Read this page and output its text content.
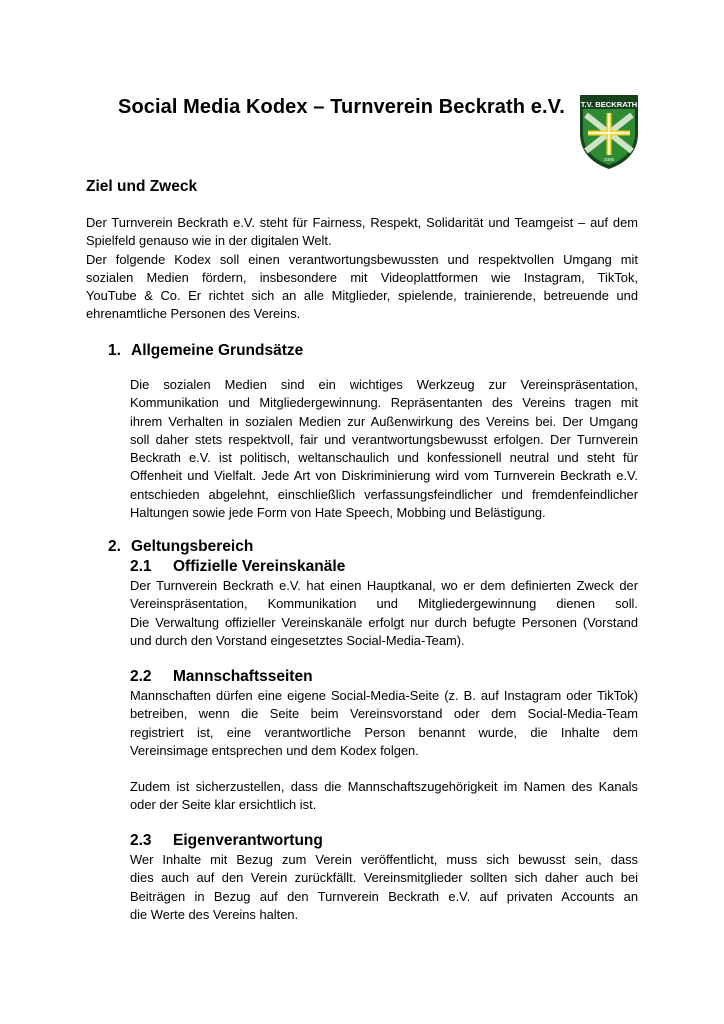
Social Media Kodex – Turnverein Beckrath e.V. T.V. BECKRATH
2005
Ziel und Zweck
Der Turnverein Beckrath e.V. steht für Fairness, Respekt, Solidarität und Teamgeist – auf dem
Spielfeld genauso wie in der digitalen Welt.
Der folgende Kodex soll einen verantwortungsbewussten und respektvollen Umgang mit
sozialen Medien fördern, insbesondere mit Videoplattformen wie Instagram, TikTok,
YouTube & Co. Er richtet sich an alle Mitglieder, spielende, trainierende, betreuende und
ehrenamtliche Personen des Vereins.
1. Allgemeine Grundsätze
Die sozialen Medien sind ein wichtiges Werkzeug zur Vereinspräsentation,
Kommunikation und Mitgliedergewinnung. Repräsentanten des Vereins tragen mit
ihrem Verhalten in sozialen Medien zur Außenwirkung des Vereins bei. Der Umgang
soll daher stets respektvoll, fair und verantwortungsbewusst erfolgen. Der Turnverein
Beckrath e.V. ist politisch, weltanschaulich und konfessionell neutral und steht für
Offenheit und Vielfalt. Jede Art von Diskriminierung wird vom Turnverein Beckrath e.V.
entschieden abgelehnt, einschließlich verfassungsfeindlicher und fremdenfeindlicher
Haltungen sowie jede Form von Hate Speech, Mobbing und Belästigung.
2. Geltungsbereich
2.1 Offizielle Vereinskanäle
Der Turnverein Beckrath e.V. hat einen Hauptkanal, wo er dem definierten Zweck der
Vereinspräsentation, Kommunikation und Mitgliedergewinnung dienen soll.
Die Verwaltung offizieller Vereinskanäle erfolgt nur durch befugte Personen (Vorstand
und durch den Vorstand eingesetztes Social-Media-Team).
2.2 Mannschaftsseiten
Mannschaften dürfen eine eigene Social-Media-Seite (z. B. auf Instagram oder TikTok)
betreiben, wenn die Seite beim Vereinsvorstand oder dem Social-Media-Team
registriert ist, eine verantwortliche Person benannt wurde, die Inhalte dem
Vereinsimage entsprechen und dem Kodex folgen.
Zudem ist sicherzustellen, dass die Mannschaftszugehörigkeit im Namen des Kanals
oder der Seite klar ersichtlich ist.
2.3 Eigenverantwortung
Wer Inhalte mit Bezug zum Verein veröffentlicht, muss sich bewusst sein, dass
dies auch auf den Verein zurückfällt. Vereinsmitglieder sollten sich daher auch bei
Beiträgen in Bezug auf den Turnverein Beckrath e.V. auf privaten Accounts an
die Werte des Vereins halten.
